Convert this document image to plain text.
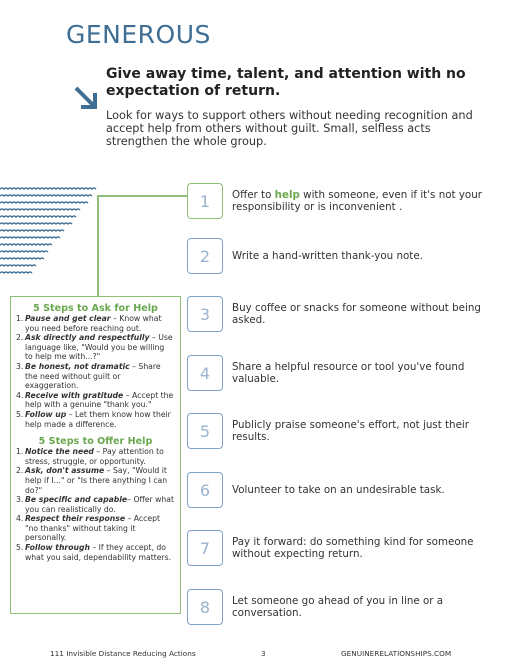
GENEROUS

Give away time, talent, and attention with no expectation of return.

Look for ways to support others without needing recognition and accept help from others without guilt. Small, selfless acts strengthen the whole group.

1	Offer to help with someone, even if it's not your responsibility or is inconvenient .
2	Write a hand-written thank-you note.
3	Buy coffee or snacks for someone without being asked.
4	Share a helpful resource or tool you've found valuable.
5	Publicly praise someone's effort, not just their results.
6	Volunteer to take on an undesirable task.
7	Pay it forward: do something kind for someone without expecting return.
8	Let someone go ahead of you in line or a conversation.

5 Steps to Ask for Help

1. Pause and get clear – Know what you need before reaching out.
2. Ask directly and respectfully – Use language like, "Would you be willing to help me with...?"
3. Be honest, not dramatic – Share the need without guilt or exaggeration.
4. Receive with gratitude – Accept the help with a genuine "thank you."
5. Follow up – Let them know how their help made a difference.

5 Steps to Offer Help

1. Notice the need – Pay attention to stress, struggle, or opportunity.
2. Ask, don't assume – Say, "Would it help if I..." or "Is there anything I can do?"
3. Be specific and capable– Offer what you can realistically do.
4. Respect their response – Accept "no thanks" without taking it personally.
5. Follow through – If they accept, do what you said, dependability matters.

111 Invisible Distance Reducing Actions	3	GENUINERELATIONSHIPS.COM
